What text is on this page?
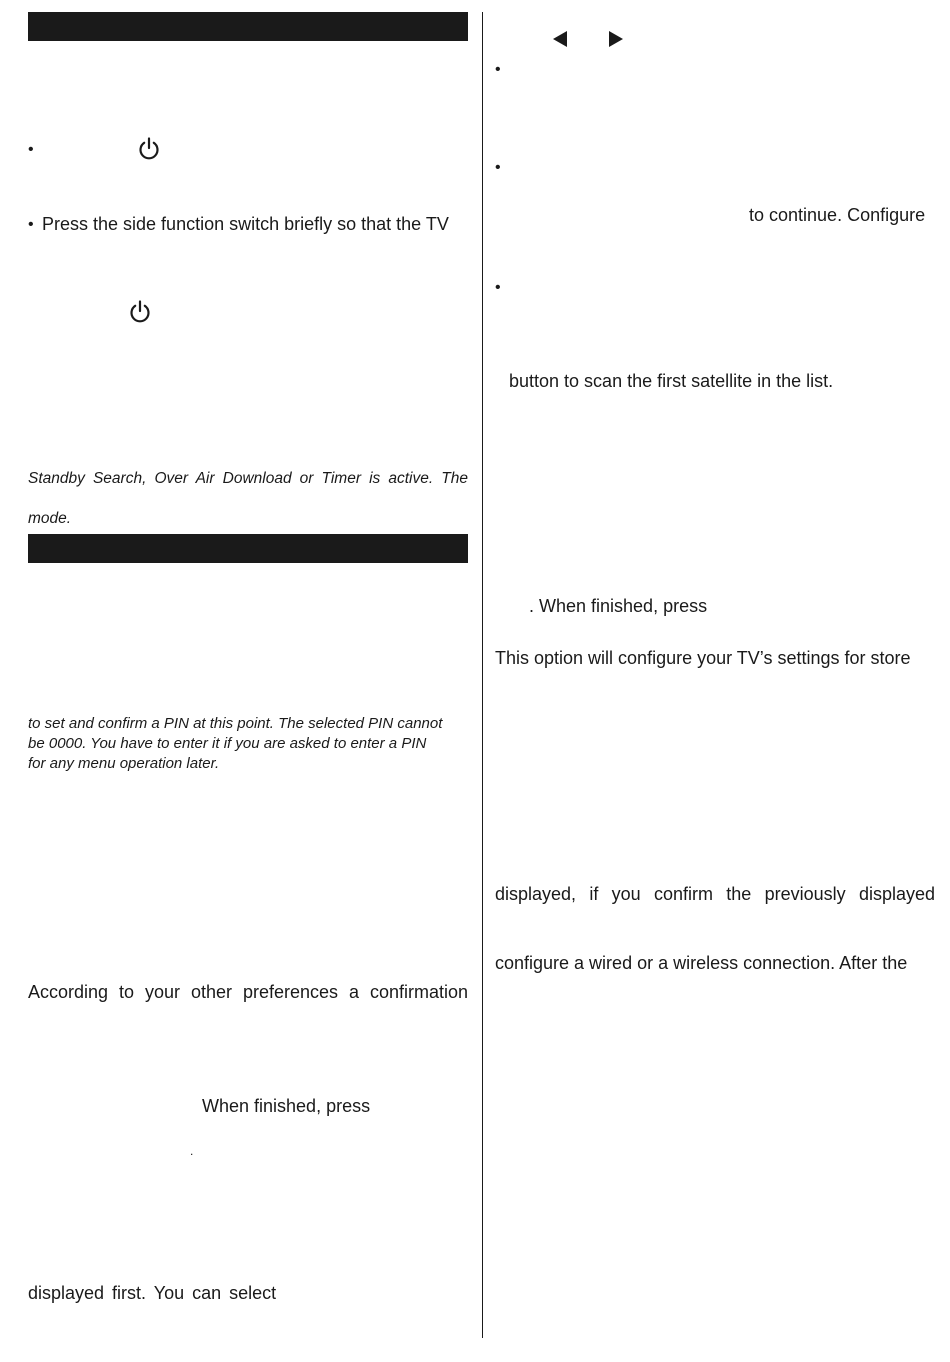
•
• Press the side function switch briefly so that the TV
Standby Search, Over Air Download or Timer is active. The
mode.
to set and confirm a PIN at this point. The selected PIN cannot
be 0000. You have to enter it if you are asked to enter a PIN
for any menu operation later.
According to your other preferences a confirmation
When finished, press
.
displayed first. You can select
•
•
to continue. Configure
•
button to scan the first satellite in the list.
. When finished, press
This option will configure your TV’s settings for store
displayed, if you confirm the previously displayed
configure a wired or a wireless connection. After the
